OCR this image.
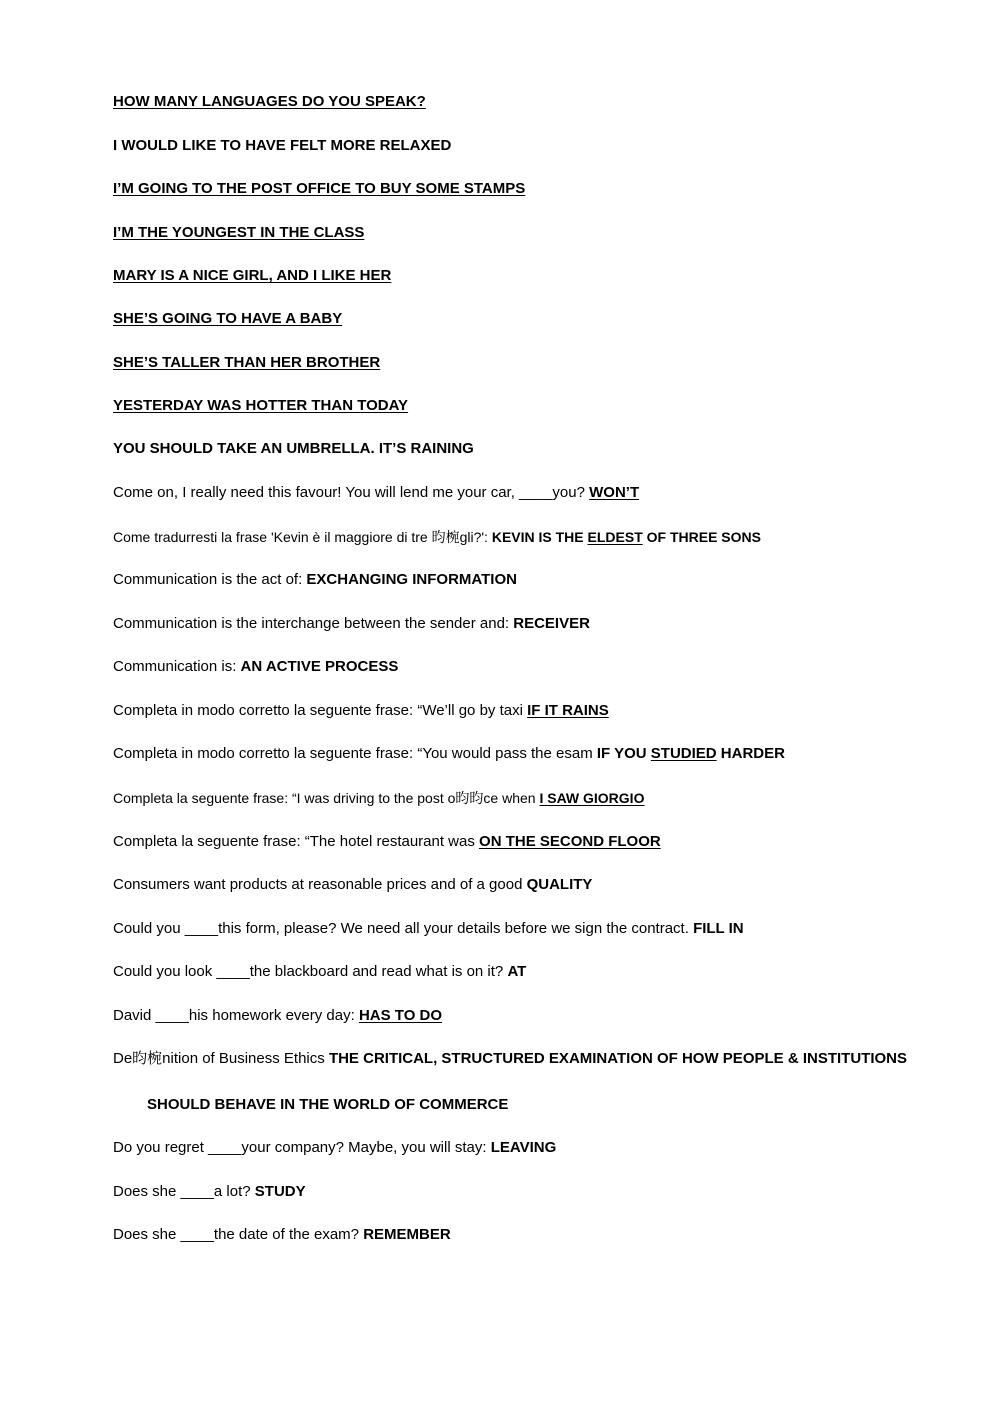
HOW MANY LANGUAGES DO YOU SPEAK?
I WOULD LIKE TO HAVE FELT MORE RELAXED
I’M GOING TO THE POST OFFICE TO BUY SOME STAMPS
I’M THE YOUNGEST IN THE CLASS
MARY IS A NICE GIRL, AND I LIKE HER
SHE’S GOING TO HAVE A BABY
SHE’S TALLER THAN HER BROTHER
YESTERDAY WAS HOTTER THAN TODAY
YOU SHOULD TAKE AN UMBRELLA. IT’S RAINING
Come on, I really need this favour! You will lend me your car, ____you? WON’T
Come tradurresti la frase 'Kevin è il maggiore di tre 昀椀gli?': KEVIN IS THE ELDEST OF THREE SONS
Communication is the act of: EXCHANGING INFORMATION
Communication is the interchange between the sender and: RECEIVER
Communication is: AN ACTIVE PROCESS
Completa in modo corretto la seguente frase: “We’ll go by taxi IF IT RAINS
Completa in modo corretto la seguente frase: “You would pass the esam IF YOU STUDIED HARDER
Completa la seguente frase: “I was driving to the post o昀昀ce when I SAW GIORGIO
Completa la seguente frase: “The hotel restaurant was ON THE SECOND FLOOR
Consumers want products at reasonable prices and of a good QUALITY
Could you ____this form, please? We need all your details before we sign the contract. FILL IN
Could you look ____the blackboard and read what is on it? AT
David ____his homework every day: HAS TO DO
De昀椀nition of Business Ethics THE CRITICAL, STRUCTURED EXAMINATION OF HOW PEOPLE & INSTITUTIONS
SHOULD BEHAVE IN THE WORLD OF COMMERCE
Do you regret ____your company? Maybe, you will stay: LEAVING
Does she ____a lot? STUDY
Does she ____the date of the exam? REMEMBER
